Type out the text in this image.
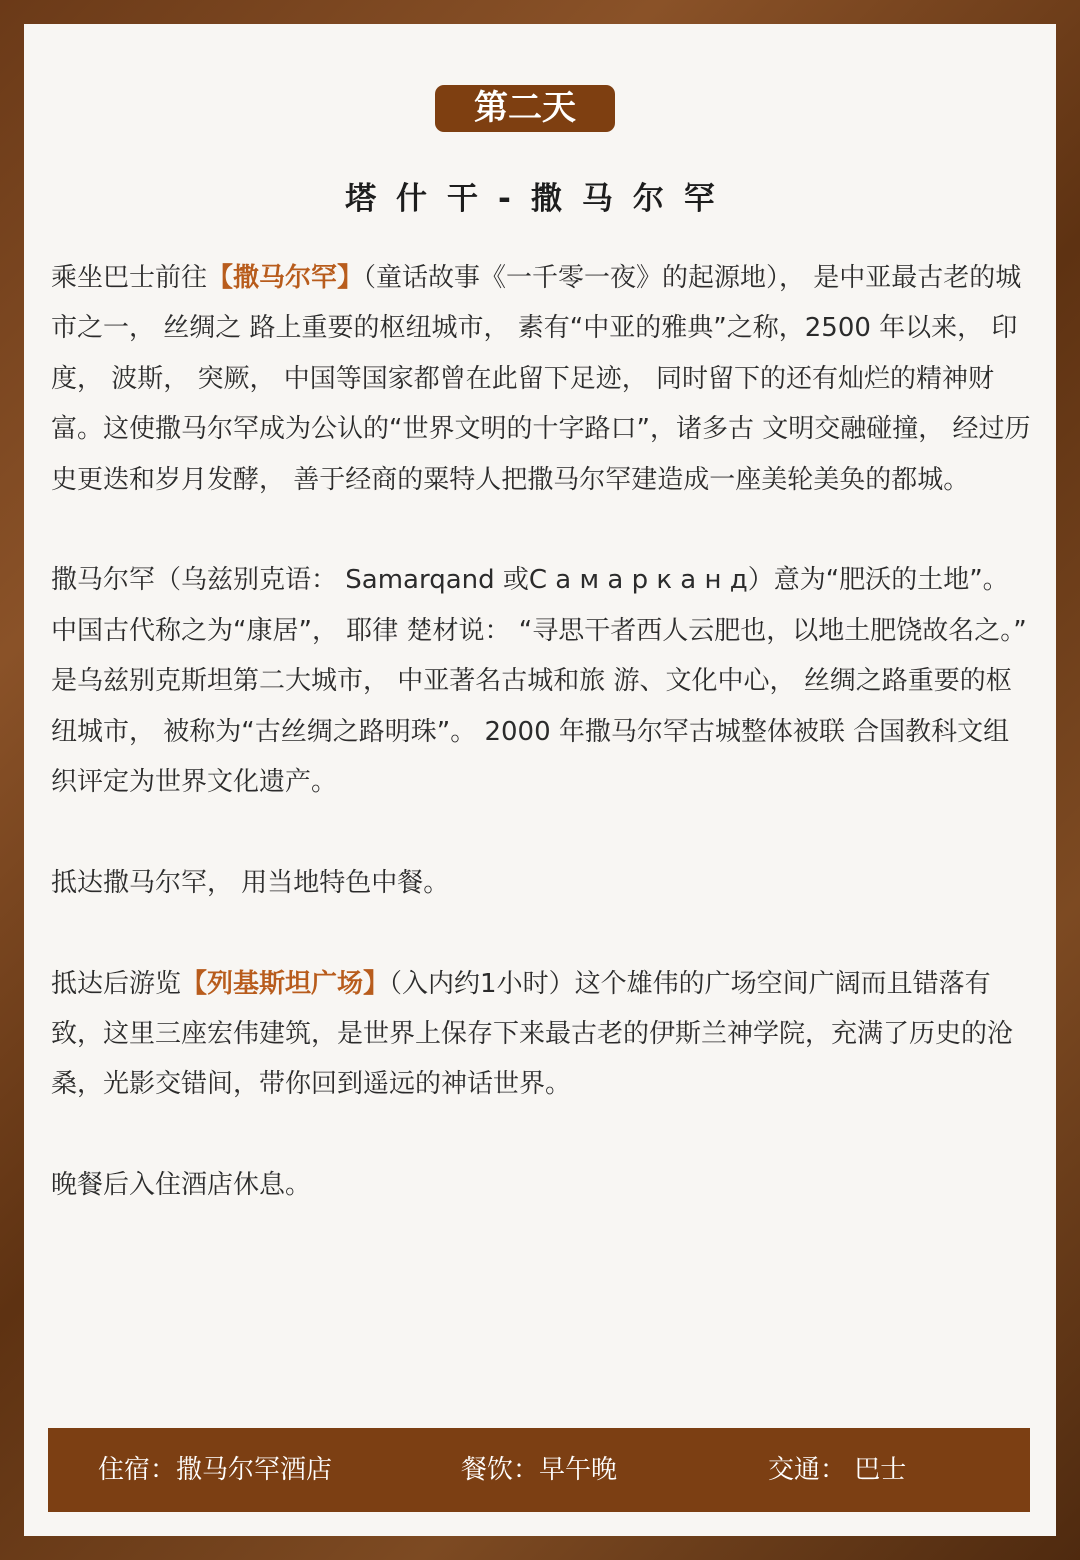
第二天
塔什干-撒马尔罕

乘坐巴士前往【撒马尔罕】（童话故事《一千零一夜》的起源地）， 是中亚最古老的城市之一， 丝绸之 路上重要的枢纽城市， 素有“中亚的雅典”之称，2500 年以来， 印度， 波斯， 突厥， 中国等国家都曾在此留下足迹， 同时留下的还有灿烂的精神财富。这使撒马尔罕成为公认的“世界文明的十字路口”，诸多古 文明交融碰撞， 经过历史更迭和岁月发酵， 善于经商的粟特人把撒马尔罕建造成一座美轮美奂的都城。

撒马尔罕（乌兹别克语： Samarqand 或С а м а р к а н д）意为“肥沃的土地”。中国古代称之为“康居”， 耶律 楚材说： “寻思干者西人云肥也，以地土肥饶故名之。” 是乌兹别克斯坦第二大城市， 中亚著名古城和旅 游、文化中心， 丝绸之路重要的枢纽城市， 被称为“古丝绸之路明珠”。 2000 年撒马尔罕古城整体被联 合国教科文组织评定为世界文化遗产。

抵达撒马尔罕， 用当地特色中餐。

抵达后游览【列基斯坦广场】（入内约1小时）这个雄伟的广场空间广阔而且错落有致，这里三座宏伟建筑，是世界上保存下来最古老的伊斯兰神学院，充满了历史的沧桑，光影交错间，带你回到遥远的神话世界。

晚餐后入住酒店休息。

住宿：撒马尔罕酒店	餐饮：早午晚	交通： 巴士
